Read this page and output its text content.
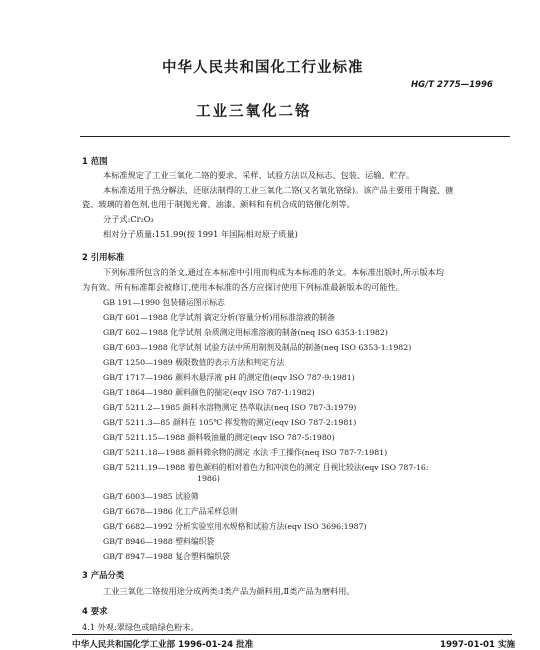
中华人民共和国化工行业标准
HG/T 2775—1996
工业三氧化二铬
1 范围
本标准规定了工业三氧化二铬的要求、采样、试验方法以及标志、包装、运输、贮存。
本标准适用于热分解法、还原法制得的工业三氧化二铬(又名氧化铬绿)。该产品主要用于陶瓷、搪
瓷、玻璃的着色剂,也用于制抛光膏、油漆、颜料和有机合成的铬催化剂等。
分子式:Cr₂O₃
相对分子质量:151.99(按 1991 年国际相对原子质量)
2 引用标准
下列标准所包含的条文,通过在本标准中引用而构成为本标准的条文。本标准出版时,所示版本均
为有效。所有标准都会被修订,使用本标准的各方应探讨使用下列标准最新版本的可能性。
GB 191—1990 包装储运图示标志
GB/T 601—1988 化学试剂 滴定分析(容量分析)用标准溶液的制备
GB/T 602—1988 化学试剂 杂质测定用标准溶液的制备(neq ISO 6353-1:1982)
GB/T 603—1988 化学试剂 试验方法中所用制剂及制品的制备(neq ISO 6353-1:1982)
GB/T 1250—1989 极限数值的表示方法和判定方法
GB/T 1717—1986 颜料水悬浮液 pH 的测定值(eqv ISO 787-9:1981)
GB/T 1864—1980 颜料颜色的揣定(eqv ISO 787-1:1982)
GB/T 5211.2—1985 颜料水溶物测定 热萃取法(neq ISO 787-3:1979)
GB/T 5211.3—85 颜料在 105℃ 挥发物的测定(eqv ISO 787-2:1981)
GB/T 5211.15—1988 颜料吸油量的测定(eqv ISO 787-5:1980)
GB/T 5211.18—1988 颜料筛余物的测定 水法 手工操作(neq ISO 787-7:1981)
GB/T 5211.19—1988 着色颜料的相对着色力和冲淡色的测定 目视比较法(eqv ISO 787-16:
1986)
GB/T 6003—1985 试验筛
GB/T 6678—1986 化工产品采样总则
GB/T 6682—1992 分析实验室用水规格和试验方法(eqv ISO 3696:1987)
GB/T 8946—1988 塑料编织袋
GB/T 8947—1988 复合塑料编织袋
3 产品分类
工业三氧化二铬按用途分成两类:Ⅰ类产品为颜料用,Ⅱ类产品为磨料用。
4 要求
4.1 外观:翠绿色或暗绿色粉末。
中华人民共和国化学工业部 1996-01-24 批准	1997-01-01 实施
